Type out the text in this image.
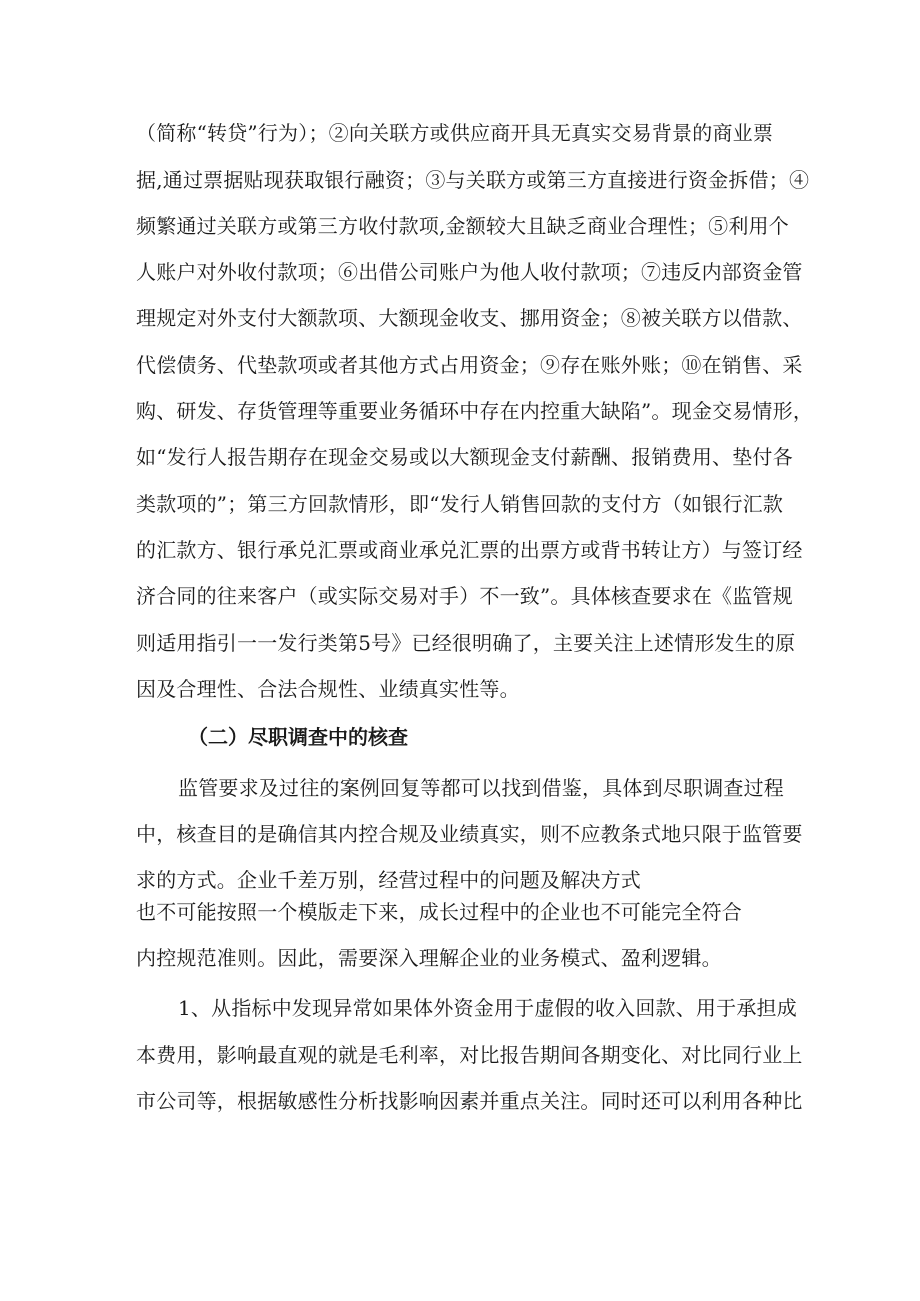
（简称“转贷”行为）；②向关联方或供应商开具无真实交易背景的商业票
据,通过票据贴现获取银行融资；③与关联方或第三方直接进行资金拆借；④
频繁通过关联方或第三方收付款项,金额较大且缺乏商业合理性；⑤利用个
人账户对外收付款项；⑥出借公司账户为他人收付款项；⑦违反内部资金管
理规定对外支付大额款项、大额现金收支、挪用资金；⑧被关联方以借款、
代偿债务、代垫款项或者其他方式占用资金；⑨存在账外账；⑩在销售、采
购、研发、存货管理等重要业务循环中存在内控重大缺陷”。现金交易情形，
如“发行人报告期存在现金交易或以大额现金支付薪酬、报销费用、垫付各
类款项的”；第三方回款情形，即“发行人销售回款的支付方（如银行汇款
的汇款方、银行承兑汇票或商业承兑汇票的出票方或背书转让方）与签订经
济合同的往来客户（或实际交易对手）不一致”。具体核查要求在《监管规
则适用指引一一发行类第5号》已经很明确了，主要关注上述情形发生的原
因及合理性、合法合规性、业绩真实性等。
（二）尽职调查中的核查
监管要求及过往的案例回复等都可以找到借鉴，具体到尽职调查过程
中，核查目的是确信其内控合规及业绩真实，则不应教条式地只限于监管要
求的方式。企业千差万别，经营过程中的问题及解决方式
也不可能按照一个模版走下来，成长过程中的企业也不可能完全符合
内控规范准则。因此，需要深入理解企业的业务模式、盈利逻辑。
1、从指标中发现异常如果体外资金用于虚假的收入回款、用于承担成
本费用，影响最直观的就是毛利率，对比报告期间各期变化、对比同行业上
市公司等，根据敏感性分析找影响因素并重点关注。同时还可以利用各种比
